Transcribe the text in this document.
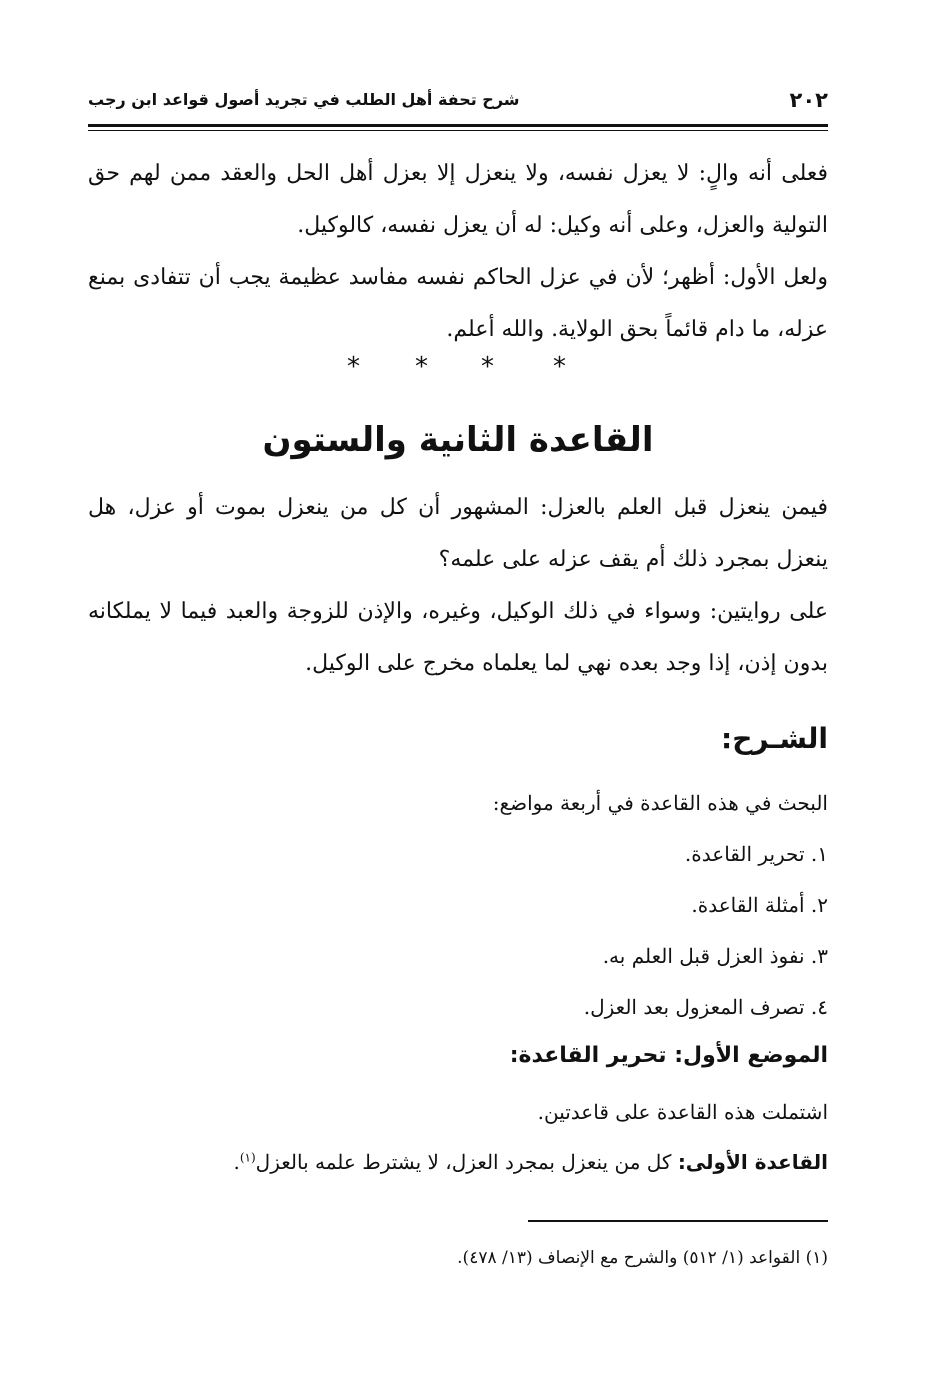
٢٠٢
شرح تحفة أهل الطلب في تجريد أصول قواعد ابن رجب

فعلى أنه والٍ: لا يعزل نفسه، ولا ينعزل إلا بعزل أهل الحل والعقد ممن لهم حق التولية والعزل، وعلى أنه وكيل: له أن يعزل نفسه، كالوكيل.

ولعل الأول: أظهر؛ لأن في عزل الحاكم نفسه مفاسد عظيمة يجب أن تتفادى بمنع عزله، ما دام قائماً بحق الولاية. والله أعلم.

*
*
*
*
القاعدة الثانية والستون

فيمن ينعزل قبل العلم بالعزل: المشهور أن كل من ينعزل بموت أو عزل، هل ينعزل بمجرد ذلك أم يقف عزله على علمه؟

على روايتين: وسواء في ذلك الوكيل، وغيره، والإذن للزوجة والعبد فيما لا يملكانه بدون إذن، إذا وجد بعده نهي لما يعلماه مخرج على الوكيل.

الشـرح:

البحث في هذه القاعدة في أربعة مواضع:

١. تحرير القاعدة.

٢. أمثلة القاعدة.

٣. نفوذ العزل قبل العلم به.

٤. تصرف المعزول بعد العزل.

الموضع الأول: تحرير القاعدة:
اشتملت هذه القاعدة على قاعدتين.
القاعدة الأولى: كل من ينعزل بمجرد العزل، لا يشترط علمه بالعزل$^{(١)}$.
(١) القواعد (١/ ٥١٢) والشرح مع الإنصاف (١٣/ ٤٧٨).
